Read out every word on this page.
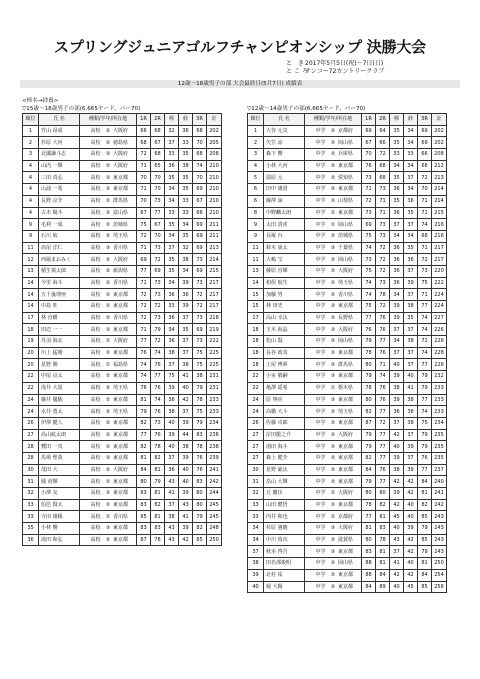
スプリングジュニアゴルフチャンピオンシップ 決勝大会
と き2017年5月5日(祝)～7日(日)
ところサンコー72カントリークラブ
12歳～18歳男子の部 大会最終日(5月7日) 成績表
<棒名→紗養>
▽15歳～18歳男子の部(6,665ヤード、パー70)	▽12歳～14歳男子の部(6,665ヤード、パー70)
順位	氏 名	種類/学年/所在地	1R	2R	棒	紗	3R	計
1	竹山 昂成	高校 ③ 大阪府	66	68	32	36	68	202
2	杉原 大河	高校 ③ 徳島県	68	67	37	33	70	205
3	北國謙斗志	高校 ③ 大阪府	72	68	33	35	68	208
4	山内 一輝	高校 ② 大阪府	71	65	36	38	74	210
4	三田 真弘	高校 ③ 東京都	70	70	35	35	70	210
4	山浦 一希	高校 ③ 東京都	71	70	34	35	69	210
4	長野 京介	高校 ② 群馬県	70	73	34	33	67	210
4	古木 陽斗	高校 ③ 富山県	67	77	33	33	66	210
9	毛利 一成	高校 ② 茨城県	75	67	35	34	69	211
9	石川 航	高校 ③ 埼玉県	72	70	34	35	69	211
11	髙尾 洋仁	高校 ③ 香川県	71	73	37	32	69	213
12	西堀まおみく	高校 ③ 大阪府	69	72	35	38	73	214
13	稲生慎太郎	高校 ③ 新潟県	77	69	35	34	69	215
14	今里 海斗	高校 ② 香川県	71	73	34	39	73	217
14	五十嵐理亜	高校 ② 東京都	72	73	36	36	72	217
14	中島 旺	高校 ② 東京都	72	72	33	39	72	217
17	林 直樹	高校 ② 香川県	72	73	36	37	73	218
18	田辺 一一	高校 ③ 東京都	71	79	34	35	69	219
19	丹羽 海太	高校 ② 大阪府	77	72	36	37	73	222
20	川上 猛晴	高校 ② 東京都	76	74	38	37	75	225
20	星野 開	高校 ① 福島県	74	76	37	38	75	225
22	中尾 良太	高校 ② 東京都	74	77	75	41	38	231
22	浅井 大周	高校 ③ 埼玉県	76	76	39	40	79	231
24	藤井 優駿	高校 ② 東京都	81	74	36	42	78	233
24	水井 勇太	高校 ③ 埼玉県	79	76	38	37	75	233
26	伊澤 健人	高校 ② 東京都	82	73	40	39	79	234
27	高山航太朗	高校 ② 東京都	77	76	39	44	83	236
28	鷺田 一真	高校 ② 東京都	82	78	40	38	78	238
28	馬場 聖哉	高校 ③ 東京都	81	82	37	39	76	239
30	茂田 大	高校 ③ 大阪府	84	81	36	40	76	241
31	城 尚輝	高校 ② 東京都	80	79	43	40	83	242
32	小澤 友	高校 ③ 東京都	83	81	41	39	80	244
33	伯邑 賢太	高校 ② 東京都	83	82	37	43	80	245
33	寺田 雄稀	高校 ② 香川県	85	81	38	41	79	245
35	小林 響	高校 ③ 東京都	83	83	43	39	82	248
36	滝田 和弘	高校 ③ 東京都	87	78	43	42	85	250
順位	氏 名	種類/学年/所在地	1R	2R	棒	紗	3R	計
1	大谷 元気	中学 ③ 京都府	69	64	35	34	69	202
2	矢笠 涼	中学 ③ 岡山県	67	66	35	34	69	202
3	森下 響	中学 ② 兵庫県	70	72	33	33	66	208
4	小林 大河	中学 ③ 東京都	76	68	34	34	68	212
5	温原 元	中学 ② 愛知県	73	68	35	37	72	213
6	田中 雄貴	中学 ③ 東京都	71	73	36	34	70	214
6	藤澤 諒	中学 ③ 山梨県	72	71	35	36	71	214
8	中野麟太朗	中学 ② 東京都	73	71	36	35	71	215
9	太田 貴虎	中学 ① 岡山県	69	73	37	37	74	216
9	長塚 台	中学 ③ 茨城県	75	73	34	34	68	216
11	鈴木 晟太	中学 ③ 千葉県	74	72	36	35	71	217
11	大嶋 宝	中学 ③ 岡山県	73	72	36	36	72	217
13	藤原 直輝	中学 ③ 大阪府	75	72	36	37	73	220
14	柏俣 航生	中学 ② 埼玉県	74	73	36	39	75	222
15	加藤 男	中学 ② 香川県	74	78	34	37	71	224
15	林 田史	中学 ③ 東京都	75	72	39	38	77	224
17	高山 幸汰	中学 ③ 長野県	77	76	39	35	74	227
18	玉木 海晶	中学 ③ 大阪府	76	76	37	37	74	226
18	松山 賢	中学 ③ 岡山県	79	77	34	38	72	228
18	長谷 政真	中学 ③ 東京都	78	76	37	37	74	228
18	土屋 博夢	中学 ③ 群馬県	80	71	40	37	77	228
22	小室 敬嗣	中学 ③ 東京都	79	74	39	40	79	232
22	亀澤 遥希	中学 ① 栃木県	78	76	38	41	79	233
24	原 翔亮	中学 ③ 東京都	80	76	39	38	77	233
24	高橋 大斗	中学 ③ 埼玉県	82	77	36	38	74	233
26	佐藤 卓郎	中学 ③ 東京都	87	72	37	38	75	234
27	岸田龍之介	中学 ③ 大阪府	79	77	42	37	79	235
27	湯田 海斗	中学 ③ 東京都	79	77	40	39	79	235
27	森上 健介	中学 ② 東京都	82	77	39	37	76	235
30	星野 豪汰	中学 ③ 東京都	84	76	38	39	77	237
31	畠山 大輝	中学 ② 東京都	79	77	42	42	84	240
32	丘 慶伍	中学 ② 大阪府	80	80	39	42	81	241
33	山田 健悟	中学 ③ 東京都	78	82	42	40	82	242
33	内井 和也	中学 ② 京都府	77	81	45	40	85	243
34	杉原 憲暁	中学 ③ 大阪府	81	83	40	39	79	243
34	中川 侑次	中学 ③ 滋賀県	80	78	43	42	85	243
37	秋本 啓吾	中学 ③ 東京都	83	81	37	42	79	243
38	田名部俊明	中学 ③ 岡山県	88	81	41	40	81	250
39	北村 祐	中学 ③ 東京都	88	84	42	42	84	254
40	堀 大陽	中学 ③ 東京都	84	89	40	45	85	258
